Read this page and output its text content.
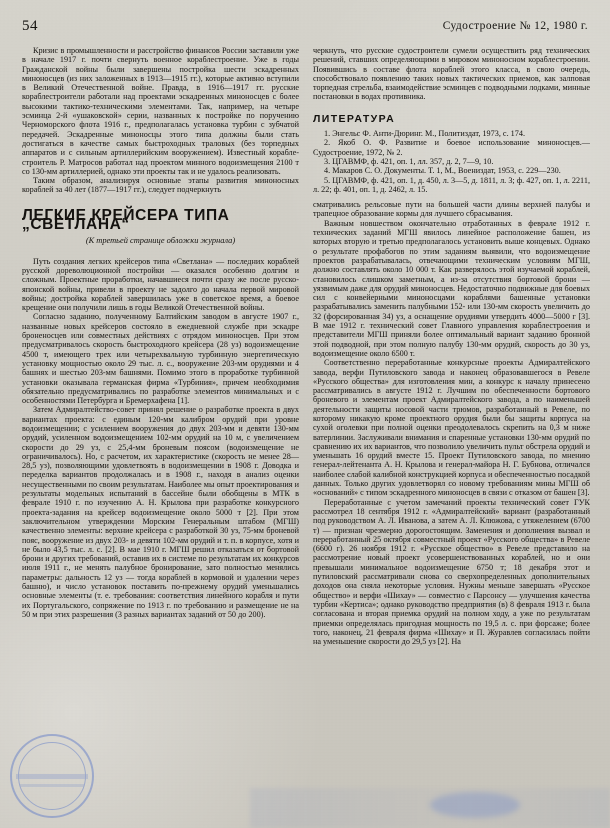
54	Судостроение № 12, 1980 г.

Кризис в промышленности и расстройство финансов России заставили уже в начале 1917 г. почти свернуть военное кораблестроение. Уже в годы Гражданской войны были завершены постройка шести эскадренных миноносцев (из них заложенных в 1913—1915 гг.), которые активно вступили в Великий Отечественной войне. Правда, в 1916—1917 гг. русские кораблестроители работали над проектами эскадренных миноносцев с более высокими тактико-техническими элементами. Так, например, на четыре эсминца 2-й «ушаковской» серии, названных к постройке по поручению Черноморского флота 1916 г., предполагалась установка турбин с зубчатой передачей. Эскадренные миноносцы этого типа должны были стать достигаться в качестве самых быстроходных траловых (без торпедных аппаратов и с сильным артиллерийским вооружением). Известный корабле-строитель Р. Матросов работал над проектом минного водоизмещения 2100 т со 130-мм артиллерией, однако эти проекты так и не удалось реализовать.

Таким образом, анализируя основные этапы развития миноносных кораблей за 40 лет (1877—1917 гг.), следует подчеркнуть

ЛЕГКИЕ КРЕЙСЕРА ТИПА „СВЕТЛАНА“
(К третьей странице обложки журнала)

Путь создания легких крейсеров типа «Светлана» — последних кораблей русской дореволюционной постройки — оказался особенно долгим и сложным. Проектные проработки, начавшиеся почти сразу же после русско-японской войны, привели в проекту не задолго до начала первой мировой войны; достройка кораблей завершилась уже в советское время, а боевое крещение они получили лишь в годы Великой Отечественной войны.

Согласно заданию, полученному Балтийским заводом в августе 1907 г., названные новых крейсеров состояло в ежедневной службе при эскадре броненосцев или совместных действиях с отрядом миноносцев. При этом предусматривалось скорость быстроходного крейсера (28 уз) водоизмещение 4500 т, имеющего трех или четырехвальную турбинную энергетическую установку мощностью около 29 тыс. л. с., вооружение 203-мм орудиями и 4 башнях и шестью 203-мм башнями. Помимо этого в проработке турбинной установки оказывала германская фирма «Турбиния», причем необходимия обязательно предусматривались по разработке элементов минимальных и с особенностями Петербурга и Бремерхафена [1].

Затем Адмиралтейство-совет принял решение о разработке проекта в двух вариантах проекта: с единым 120-мм калибром орудий при уровне водоизмещении; с усилением вооружения до двух 203-мм и девяти 130-мм орудий, усиленном водоизмещением 102-мм орудий на 10 м, с увеличением скорости до 29 уз, с 25,4-мм броневым поясом (водоизмещение не ограничивалось). Но, с расчетом, их характеристике (скорость не менее 28—28,5 уз), позволяющими удовлетвоять в водоизмещении в 1908 г. Доводка и переделка вариантов продолжалась и в 1908 г., находя в анализ оценки несущественными по своим результатам. Наиболее мы опыт проектирования и результаты модельных испытаний в бассейне были обобщены в МТК в феврале 1910 г. по изучению А. Н. Крылова при разработке конкурсного проекта-задания на крейсер водоизмещение около 5000 т [2]. При этом заключительном утверждении Морским Генеральным штабом (МГШ) качественно элементы: верхние крейсера с разработкой 30 уз, 75-мм броневой пояс, вооружение из двух 203- и девяти 102-мм орудий и т. п. в корпусе, хотя и не было 43,5 тыс. л. с. [2]. В мае 1910 г. МГШ решил отказаться от бортовой брони и других требований, оставив их в системе по результатам их конкурсов июля 1911 г., не менять палубное бронирование, зато полностью менялись параметры: дальность 12 уз — тогда кораблей в кормовой и удалении через башню), и число установок поставить по-прежнему орудий уменьшались основные элементы (т. е. требования: соответствия линейного корабля и пути их Португальского, сопряжение по 1913 г. по требованию и размещение не на 50 м при этих разрешения (3 разных вариантах заданий от 50 до 200).

черкнуть, что русские судостроители сумели осуществить ряд технических решений, ставших определяющими в мировом миноносном кораблестроении. Появившись в составе флота кораблей этого класса, в свою очередь, способствовало появлению таких новых тактических приемов, как залповая торпедная стрельба, взаимодействие эсминцев с подводными лодками, минные постановки в водах противника.

ЛИТЕРАТУРА

1. Энгельс Ф. Анти-Дюринг. М., Политиздат, 1973, с. 174.

2. Якоб О. Ф. Развитие и боевое использование миноносцев.— Судостроение, 1972, № 2.

3. ЦГАВМФ, ф. 421, оп. 1, лл. 357, д. 2, 7—9, 10.

4. Макаров С. О. Документы. Т. 1, М., Воениздат, 1953, с. 229—230.

5. ЦГАВМФ, ф. 421, оп. 1, д. 450, л. 3—5, д. 1811, л. 3; ф. 427, оп. 1, л. 2211, л. 22; ф. 401, оп. 1, д. 2462, л. 15.

сматривались рельсовые пути на большей части длины верхней палубы и трапецное образование кормы для лучшего сбрасывания.

Важным новшеством окончательно отработанных в феврале 1912 г. технических заданий МГШ явилось линейное расположение башен, из которых вторую и третью предполагалось установить выше концевых. Однако о результате профабогов по этим заданиям выявили, что водоизмещение проектов разрабатывалась, отвечающими техническим условиям МГШ, должно составлять около 10 000 т. Как разверялось этой изучаемой кораблей, становилось слишком заметным, а из-за отсутствия бортовой брони — уязвимым даже для орудий миноносцев. Недостаточно подвижные для боевых сил с конвейерными миноносцами кораблями башенные установки разрабатывались заменить палубными 152- или 130-мм скорость увеличить до 32 (форсированная 34) уз, а оснащение орудиями утвердить 4000—5000 г [3]. В мае 1912 г. технический совет Главного управления кораблестроения и представители МГШ приняли более оптимальный вариант заданию бронной этой подводной, при этом полную палубу 130-мм орудий, скорость до 30 уз, водоизмещение около 6500 т.

Соответственно переработанные конкурсные проекты Адмиралтейского завода, верфи Путиловского завода и наконец образовавшегося в Ревеле «Русского общества» для изготовления мин, а конкурс к началу принесено рассматривались в августе 1912 г. Лучшим по обеспеченности бортового броневого и элементам проект Адмиралтейского завода, а по наименьшей деятельности защиты носовой части трюмов, разработанный в Ревеле, по которому никакую кроме проектного орудия были бы защиты корпуса на сухой оголевки при полной оценки преодолевалось скрепить на 0,3 м ниже ватерлинии. Заслуживали внимания и спаренные установки 130-мм орудий по сравнению их их вариантов, что позволило увеличить пульт обстрела орудий и уменьшать 16 орудий вместе 15. Проект Путиловского завода, по мнению генерал-лейтенанта А. Н. Крылова и генерал-майора Н. Г. Бубнова, отличался наиболее слабой калибной конструкцией корпуса и обеспеченностью посадкой данных. Только других удовлетворял со новому требованиям мины МГШ об «оснований» с типом эскадренного миноносцев в связи с отказом от башен [3].

Переработанные с учетом замечаний проекты технический совет ГУК рассмотрел 18 сентября 1912 г. «Адмиралтейский» вариант (разработанный под руководством А. Л. Иванова, а затем А. Л. Клюжова, с утяжелением (6700 т) — признан чрезмерно дорогостоящим. Заменения и дополнения вызвал и переработанный 25 октября совместный проект «Русского общества» в Ревеле (6600 г). 26 ноября 1912 г. «Русское общество» в Ревеле представило на рассмотрение новый проект усовершенствованных кораблей, но и они превышали минимальное водоизмещение 6750 т; 18 декабря этот и путиловский рассматривали снова со сверхопределенных дополнительных доходов она сняла некоторые условия. Нужны меньше завершать «Русское общество» и верфи «Шихау» — совместно с Парсонсу — улучшения качества турбин «Кертиса»; однако руководство предприятия (в) 8 февраля 1913 г. была согласована и вторая приемка орудий на полном ходу, а уже по результатам приемки определялась пригодная мощность по 19,5 л. с. при форсаже; более того, наконец, 21 февраля фирма «Шихау» и П. Журавлев согласилась пойти на уменьшение скорости до 29,5 уз [2]. На
